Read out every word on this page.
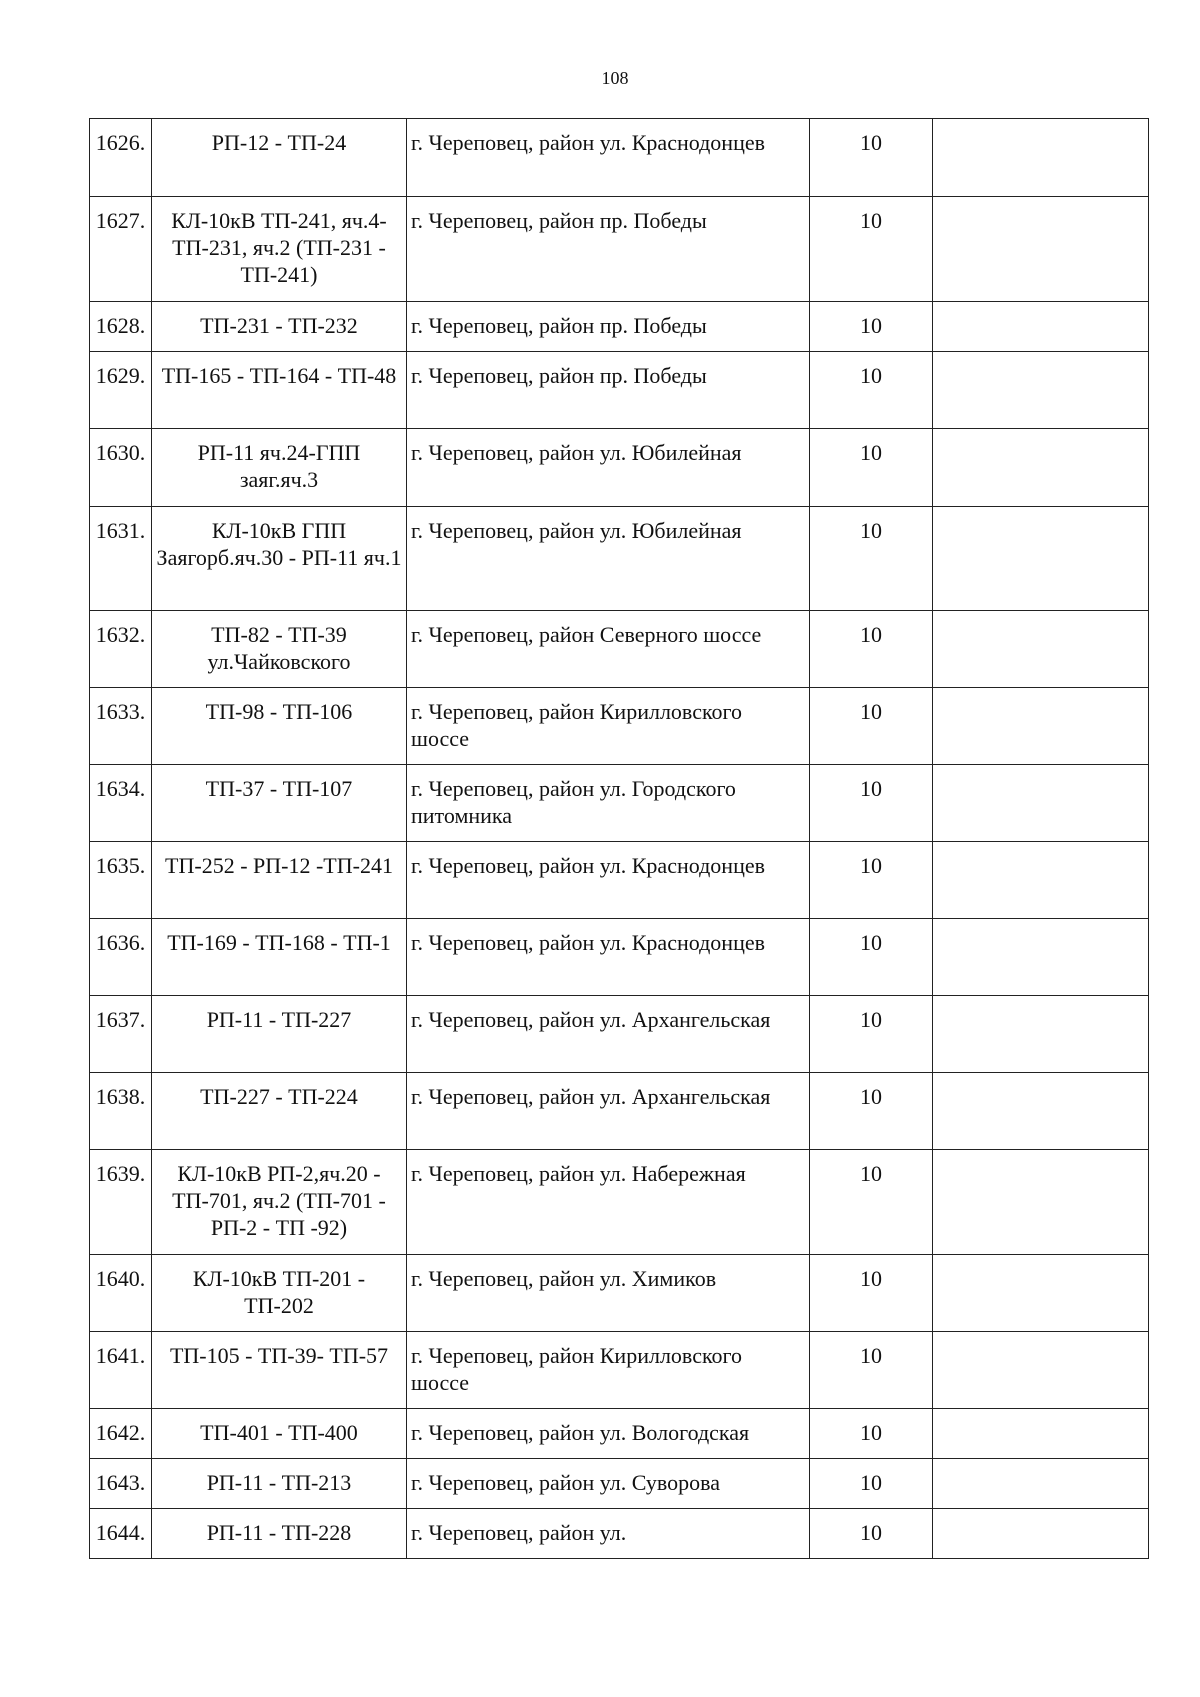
108
1626.	РП-12 - ТП-24	г. Череповец, район ул. Краснодонцев	10	
1627.	КЛ-10кВ ТП-241, яч.4-ТП-231, яч.2 (ТП-231 - ТП-241)	г. Череповец, район пр. Победы	10	
1628.	ТП-231 - ТП-232	г. Череповец, район пр. Победы	10	
1629.	ТП-165 - ТП-164 - ТП-48	г. Череповец, район пр. Победы	10	
1630.	РП-11 яч.24-ГПП заяг.яч.3	г. Череповец, район ул. Юбилейная	10	
1631.	КЛ-10кВ ГПП Заягорб.яч.30 - РП-11 яч.1	г. Череповец, район ул. Юбилейная	10	
1632.	ТП-82 - ТП-39 ул.Чайковского	г. Череповец, район Северного шоссе	10	
1633.	ТП-98 - ТП-106	г. Череповец, район Кирилловского шоссе	10	
1634.	ТП-37 - ТП-107	г. Череповец, район ул. Городского питомника	10	
1635.	ТП-252 - РП-12 -ТП-241	г. Череповец, район ул. Краснодонцев	10	
1636.	ТП-169 - ТП-168 - ТП-1	г. Череповец, район ул. Краснодонцев	10	
1637.	РП-11 - ТП-227	г. Череповец, район ул. Архангельская	10	
1638.	ТП-227 - ТП-224	г. Череповец, район ул. Архангельская	10	
1639.	КЛ-10кВ РП-2,яч.20 - ТП-701, яч.2 (ТП-701 - РП-2 - ТП -92)	г. Череповец, район ул. Набережная	10	
1640.	КЛ-10кВ ТП-201 - ТП-202	г. Череповец, район ул. Химиков	10	
1641.	ТП-105 - ТП-39- ТП-57	г. Череповец, район Кирилловского шоссе	10	
1642.	ТП-401 - ТП-400	г. Череповец, район ул. Вологодская	10	
1643.	РП-11 - ТП-213	г. Череповец, район ул. Суворова	10	
1644.	РП-11 - ТП-228	г. Череповец, район ул.	10	
